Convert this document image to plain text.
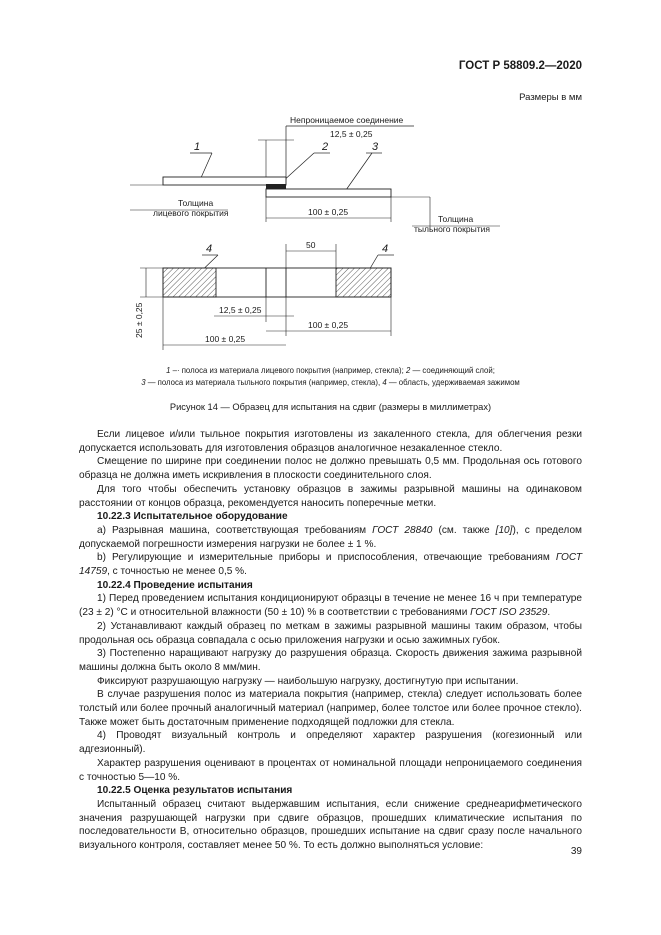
ГОСТ Р 58809.2—2020
Размеры в мм
Непроницаемое соединение
12,5 ± 0,25
1	2	3
Толщина
лицевого покрытия	100 ± 0,25
Толщина
тыльного покрытия
4	4
50
25 ± 0,25	12,5 ± 0,25
100 ± 0,25
100 ± 0,25
1 –· полоса из материала лицевого покрытия (например, стекла); 2 — соединяющий слой;
3 — полоса из материала тыльного покрытия (например, стекла), 4 — область, удерживаемая зажимом
Рисунок 14 — Образец для испытания на сдвиг (размеры в миллиметрах)

Если лицевое и/или тыльное покрытия изготовлены из закаленного стекла, для облегчения резки допускается использовать для изготовления образцов аналогичное незакаленное стекло.

Смещение по ширине при соединении полос не должно превышать 0,5 мм. Продольная ось готового образца не должна иметь искривления в плоскости соединительного слоя.

Для того чтобы обеспечить установку образцов в зажимы разрывной машины на одинаковом расстоянии от концов образца, рекомендуется наносить поперечные метки.

10.22.3 Испытательное оборудование

а) Разрывная машина, соответствующая требованиям ГОСТ 28840 (см. также [10]), с пределом допускаемой погрешности измерения нагрузки не более ± 1 %.

b) Регулирующие и измерительные приборы и приспособления, отвечающие требованиям ГОСТ 14759, с точностью не менее 0,5 %.

10.22.4 Проведение испытания

1) Перед проведением испытания кондиционируют образцы в течение не менее 16 ч при температуре (23 ± 2) °С и относительной влажности (50 ± 10) % в соответствии с требованиями ГОСТ ISO 23529.

2) Устанавливают каждый образец по меткам в зажимы разрывной машины таким образом, чтобы продольная ось образца совпадала с осью приложения нагрузки и осью зажимных губок.

3) Постепенно наращивают нагрузку до разрушения образца. Скорость движения зажима разрывной машины должна быть около 8 мм/мин.

Фиксируют разрушающую нагрузку — наибольшую нагрузку, достигнутую при испытании.

В случае разрушения полос из материала покрытия (например, стекла) следует использовать более толстый или более прочный аналогичный материал (например, более толстое или более прочное стекло). Также может быть достаточным применение подходящей подложки для стекла.

4) Проводят визуальный контроль и определяют характер разрушения (когезионный или адгезионный).

Характер разрушения оценивают в процентах от номинальной площади непроницаемого соединения с точностью 5—10 %.

10.22.5 Оценка результатов испытания

Испытанный образец считают выдержавшим испытания, если снижение среднеарифметического значения разрушающей нагрузки при сдвиге образцов, прошедших климатические испытания по последовательности В, относительно образцов, прошедших испытание на сдвиг сразу после начального визуального контроля, составляет менее 50 %. То есть должно выполняться условие:

39
